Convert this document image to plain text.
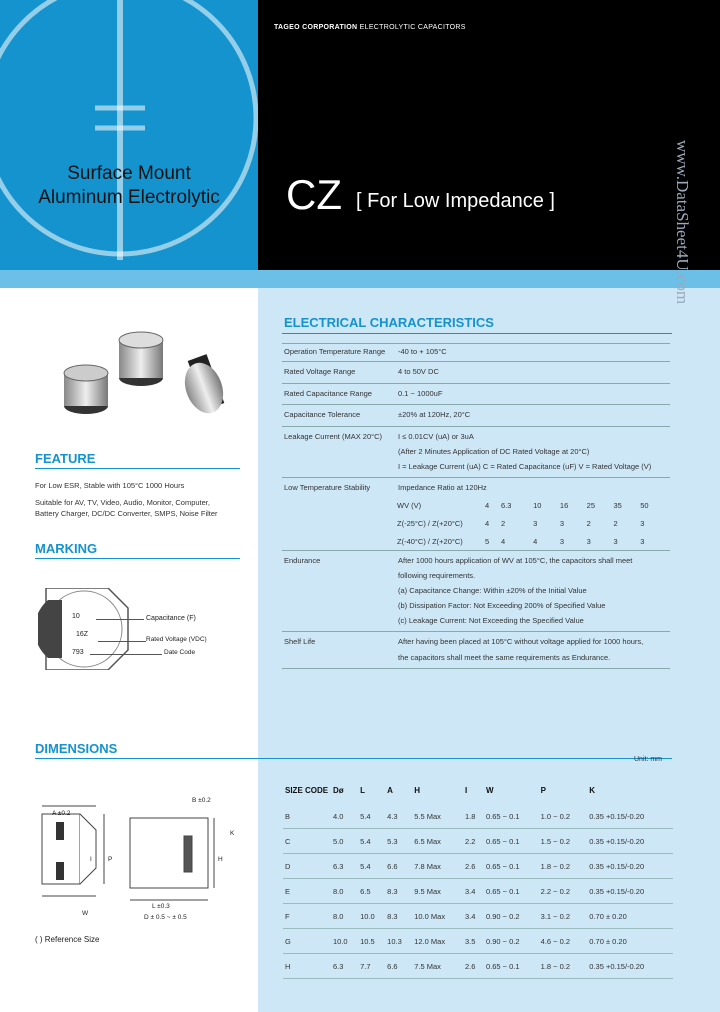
Surface Mount
Aluminum Electrolytic
TAGEO CORPORATION ELECTROLYTIC CAPACITORS
CZ [ For Low Impedance ]	www.DataSheet4U.com
FEATURE
For Low ESR, Stable with 105°C 1000 Hours
Suitable for AV, TV, Video, Audio, Monitor, Computer,
Battery Charger, DC/DC Converter, SMPS, Noise Filter
MARKING
10
16Z
793
Capacitance (F)
Rated Voltage (VDC)
Date Code
ELECTRICAL CHARACTERISTICS
Operation Temperature Range -40 to + 105°C
Rated Voltage Range	4 to 50V DC
Rated Capacitance Range	0.1 ~ 1000uF
Capacitance Tolerance	±20% at 120Hz, 20°C
Leakage Current (MAX 20°C) I ≤ 0.01CV (uA) or 3uA
(After 2 Minutes Application of DC Rated Voltage at 20°C)
I = Leakage Current (uA) C = Rated Capacitance (uF) V = Rated Voltage (V)
Low Temperature Stability	Impedance Ratio at 120Hz
WV (V)	4	6.3	10	16	25	35	50
Z(-25°C) / Z(+20°C)	4	2	3	3	2	2	3
Z(-40°C) / Z(+20°C)	5	4	4	3	3	3	3
Endurance	After 1000 hours application of WV at 105°C, the capacitors shall meet
following requirements.
(a) Capacitance Change: Within ±20% of the Initial Value
(b) Dissipation Factor: Not Exceeding 200% of Specified Value
(c) Leakage Current: Not Exceeding the Specified Value
Shelf Life	After having been placed at 105°C without voltage applied for 1000 hours,
the capacitors shall meet the same requirements as Endurance.
DIMENSIONS
Unit: mm
A ±0.2
W
L ±0.3
D ± 0.5 ~ ± 0.5
P
I	H
K
B ±0.2
( ) Reference Size
SIZE CODE	Dø	L	A	H	I	W	P	K
B	4.0	5.4	4.3	5.5 Max	1.8	0.65 ~ 0.1	1.0 ~ 0.2	0.35 +0.15/-0.20
C	5.0	5.4	5.3	6.5 Max	2.2	0.65 ~ 0.1	1.5 ~ 0.2	0.35 +0.15/-0.20
D	6.3	5.4	6.6	7.8 Max	2.6	0.65 ~ 0.1	1.8 ~ 0.2	0.35 +0.15/-0.20
E	8.0	6.5	8.3	9.5 Max	3.4	0.65 ~ 0.1	2.2 ~ 0.2	0.35 +0.15/-0.20
F	8.0	10.0	8.3	10.0 Max	3.4	0.90 ~ 0.2	3.1 ~ 0.2	0.70 ± 0.20
G	10.0	10.5	10.3	12.0 Max	3.5	0.90 ~ 0.2	4.6 ~ 0.2	0.70 ± 0.20
H	6.3	7.7	6.6	7.5 Max	2.6	0.65 ~ 0.1	1.8 ~ 0.2	0.35 +0.15/-0.20
